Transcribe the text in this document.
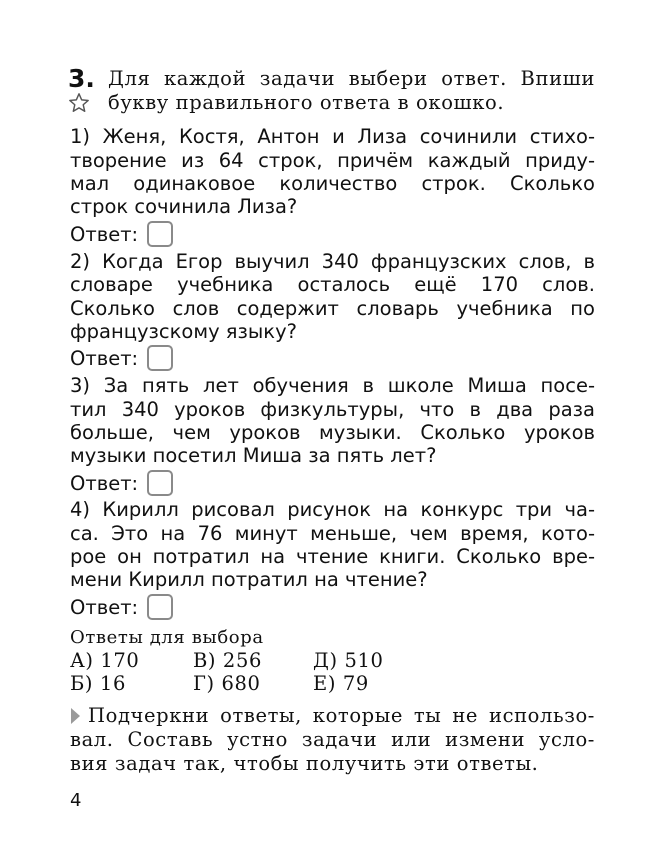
3. Для каждой задачи выбери ответ. Впиши
букву правильного ответа в окошко.
1) Женя, Костя, Антон и Лиза сочинили стихо-
творение из 64 строк, причём каждый приду-
мал одинаковое количество строк. Сколько
строк сочинила Лиза?
Ответ:
2) Когда Егор выучил 340 французских слов, в
словаре учебника осталось ещё 170 слов.
Сколько слов содержит словарь учебника по
французскому языку?
Ответ:
3) За пять лет обучения в школе Миша посе-
тил 340 уроков физкультуры, что в два раза
больше, чем уроков музыки. Сколько уроков
музыки посетил Миша за пять лет?
Ответ:
4) Кирилл рисовал рисунок на конкурс три ча-
са. Это на 76 минут меньше, чем время, кото-
рое он потратил на чтение книги. Сколько вре-
мени Кирилл потратил на чтение?
Ответ:
Ответы для выбора
А) 170	В) 256	Д) 510
Б) 16	Г) 680	Е) 79
Подчеркни ответы, которые ты не использо-
вал. Составь устно задачи или измени усло-
вия задач так, чтобы получить эти ответы.
4
